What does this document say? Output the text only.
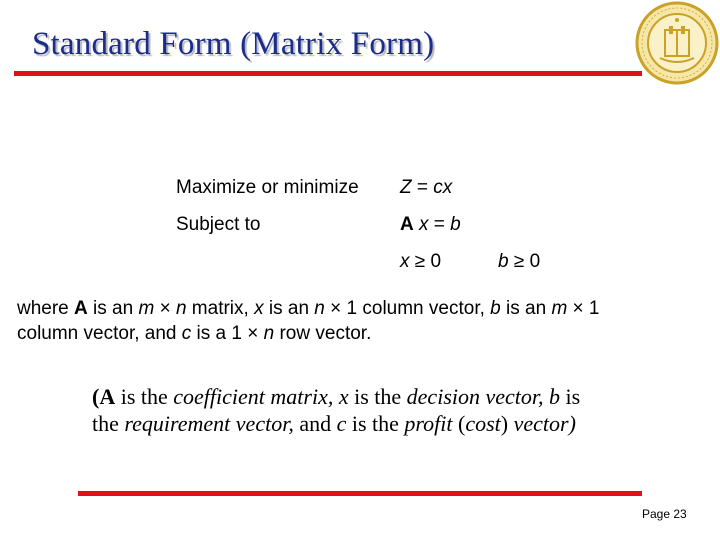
Standard Form (Matrix Form)
Maximize or minimize Z = cx
Subject to	A x = b
x ≥ 0	b ≥ 0
where A is an m × n matrix, x is an n × 1 column vector, b is an m × 1
column vector, and c is a 1 × n row vector.
(A is the coefficient matrix, x is the decision vector, b is
the requirement vector, and c is the profit (cost) vector)
Page 23
